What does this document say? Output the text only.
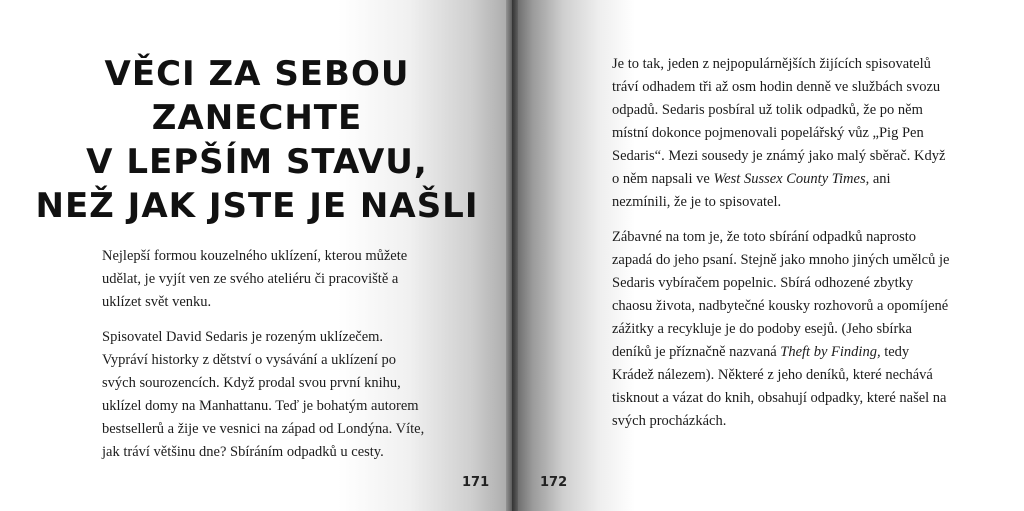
VĚCI ZA SEBOU ZANECHTE
V LEPŠÍM STAVU,
NEŽ JAK JSTE JE NAŠLI

Nejlepší formou kouzelného uklízení, kterou můžete udělat, je vyjít ven ze svého ateliéru či pracoviště a uklízet svět venku.

Spisovatel David Sedaris je rozeným uklízečem. Vypráví historky z dětství o vysávání a uklízení po svých sourozencích. Když prodal svou první knihu, uklízel domy na Manhattanu. Teď je bohatým autorem bestsellerů a žije ve vesnici na západ od Londýna. Víte, jak tráví většinu dne? Sbíráním odpadků u cesty.

171

Je to tak, jeden z nejpopulárnějších žijících spisovatelů tráví odhadem tři až osm hodin denně ve službách svozu odpadů. Sedaris posbíral už tolik odpadků, že po něm místní dokonce pojmenovali popelářský vůz „Pig Pen Sedaris“. Mezi sousedy je známý jako malý sběrač. Když o něm napsali ve West Sussex County Times, ani nezmínili, že je to spisovatel.

Zábavné na tom je, že toto sbírání odpadků naprosto zapadá do jeho psaní. Stejně jako mnoho jiných umělců je Sedaris vybíračem popelnic. Sbírá odhozené zbytky chaosu života, nadbytečné kousky rozhovorů a opomíjené zážitky a recykluje je do podoby esejů. (Jeho sbírka deníků je příznačně nazvaná Theft by Finding, tedy Krádež nálezem). Některé z jeho deníků, které nechává tisknout a vázat do knih, obsahují odpadky, které našel na svých procházkách.

172
